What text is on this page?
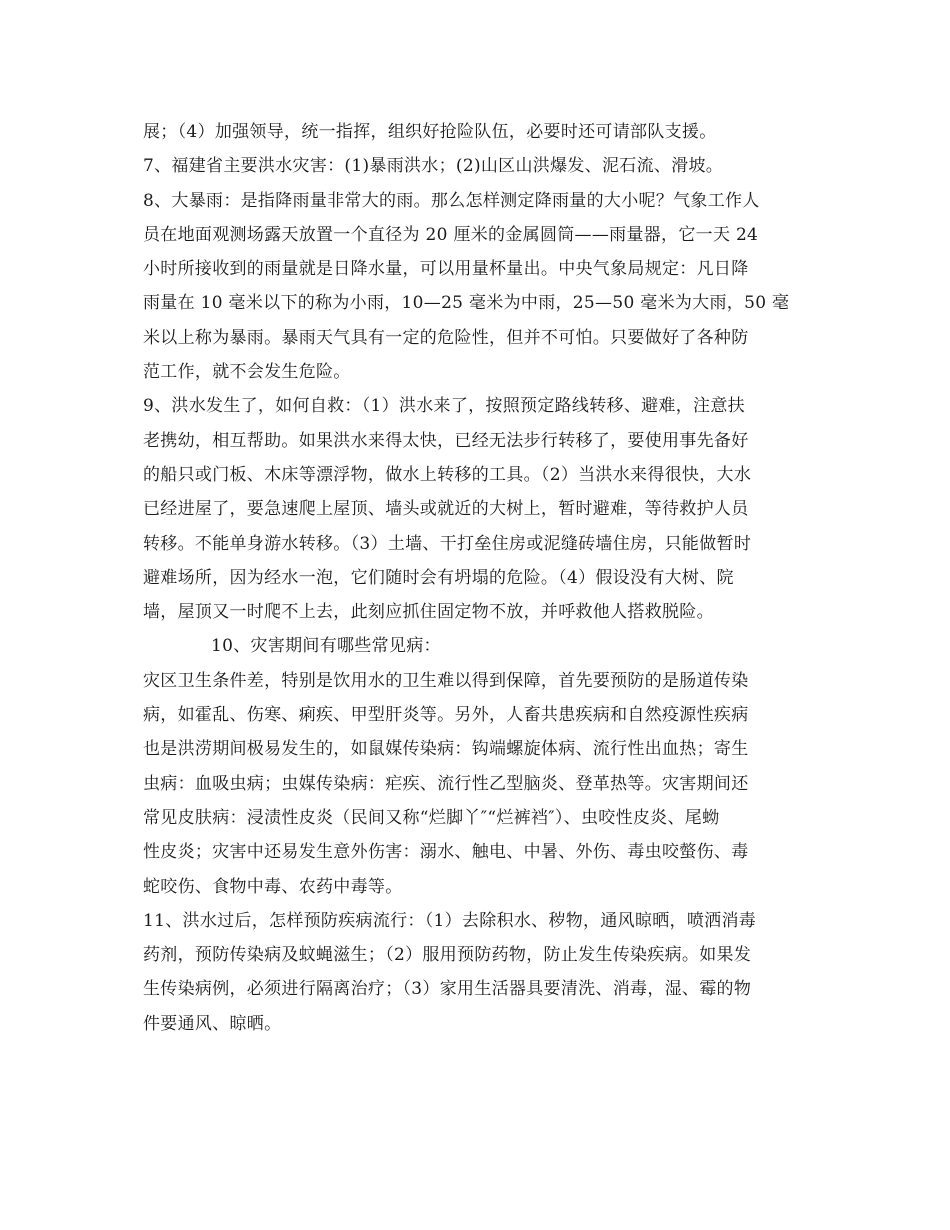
展；（4）加强领导，统一指挥，组织好抢险队伍，必要时还可请部队支援。
7、福建省主要洪水灾害：(1)暴雨洪水；(2)山区山洪爆发、泥石流、滑坡。
8、大暴雨：是指降雨量非常大的雨。那么怎样测定降雨量的大小呢？气象工作人
员在地面观测场露天放置一个直径为 20 厘米的金属圆筒——雨量器，它一天 24
小时所接收到的雨量就是日降水量，可以用量杯量出。中央气象局规定：凡日降
雨量在 10 毫米以下的称为小雨，10—25 毫米为中雨，25—50 毫米为大雨，50 毫
米以上称为暴雨。暴雨天气具有一定的危险性，但并不可怕。只要做好了各种防
范工作，就不会发生危险。
9、洪水发生了，如何自救：（1）洪水来了，按照预定路线转移、避难，注意扶
老携幼，相互帮助。如果洪水来得太快，已经无法步行转移了，要使用事先备好
的船只或门板、木床等漂浮物，做水上转移的工具。（2）当洪水来得很快，大水
已经进屋了，要急速爬上屋顶、墙头或就近的大树上，暂时避难，等待救护人员
转移。不能单身游水转移。（3）土墙、干打垒住房或泥缝砖墙住房，只能做暂时
避难场所，因为经水一泡，它们随时会有坍塌的危险。（4）假设没有大树、院
墙，屋顶又一时爬不上去，此刻应抓住固定物不放，并呼救他人搭救脱险。
10、灾害期间有哪些常见病：
灾区卫生条件差，特别是饮用水的卫生难以得到保障，首先要预防的是肠道传染
病，如霍乱、伤寒、痢疾、甲型肝炎等。另外，人畜共患疾病和自然疫源性疾病
也是洪涝期间极易发生的，如鼠媒传染病：钩端螺旋体病、流行性出血热；寄生
虫病：血吸虫病；虫媒传染病：疟疾、流行性乙型脑炎、登革热等。灾害期间还
常见皮肤病：浸渍性皮炎（民间又称“烂脚丫″“烂裤裆″）、虫咬性皮炎、尾蚴
性皮炎；灾害中还易发生意外伤害：溺水、触电、中暑、外伤、毒虫咬螫伤、毒
蛇咬伤、食物中毒、农药中毒等。
11、洪水过后，怎样预防疾病流行：（1）去除积水、秽物，通风晾晒，喷洒消毒
药剂，预防传染病及蚊蝇滋生；（2）服用预防药物，防止发生传染疾病。如果发
生传染病例，必须进行隔离治疗；（3）家用生活器具要清洗、消毒，湿、霉的物
件要通风、晾晒。
